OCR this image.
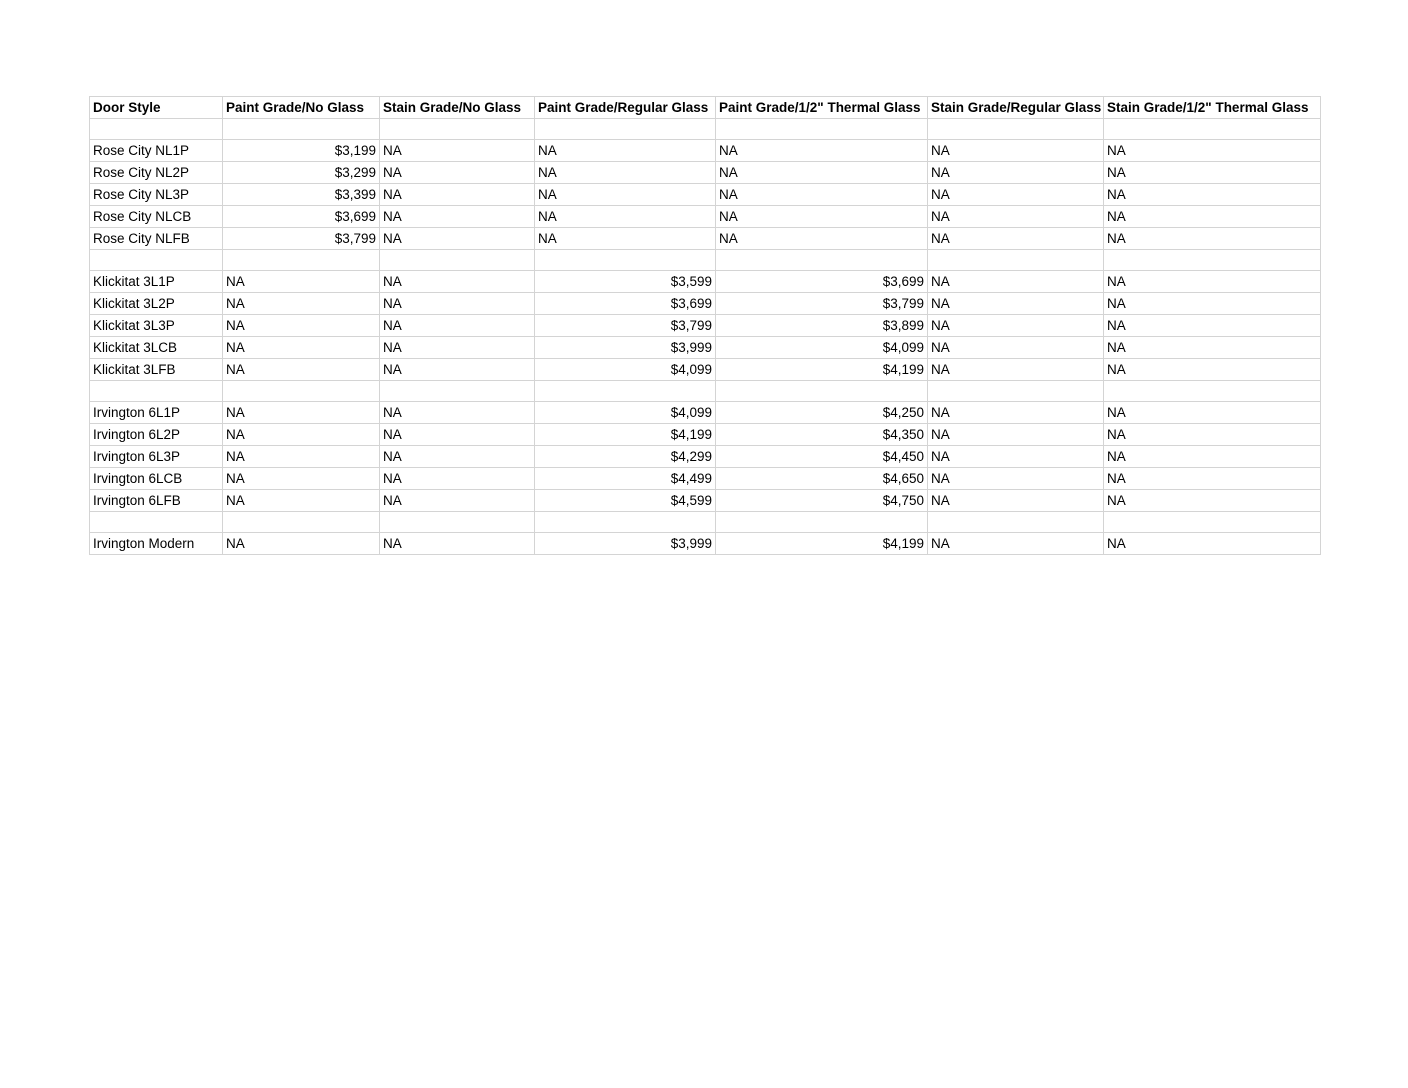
Door Style	Paint Grade/No Glass	Stain Grade/No Glass	Paint Grade/Regular Glass	Paint Grade/1/2" Thermal Glass	Stain Grade/Regular Glass	Stain Grade/1/2" Thermal Glass

Rose City NL1P	$3,199	NA	NA	NA	NA	NA
Rose City NL2P	$3,299	NA	NA	NA	NA	NA
Rose City NL3P	$3,399	NA	NA	NA	NA	NA
Rose City NLCB	$3,699	NA	NA	NA	NA	NA
Rose City NLFB	$3,799	NA	NA	NA	NA	NA

Klickitat 3L1P	NA	NA	$3,599	$3,699	NA	NA
Klickitat 3L2P	NA	NA	$3,699	$3,799	NA	NA
Klickitat 3L3P	NA	NA	$3,799	$3,899	NA	NA
Klickitat 3LCB	NA	NA	$3,999	$4,099	NA	NA
Klickitat 3LFB	NA	NA	$4,099	$4,199	NA	NA

Irvington 6L1P	NA	NA	$4,099	$4,250	NA	NA
Irvington 6L2P	NA	NA	$4,199	$4,350	NA	NA
Irvington 6L3P	NA	NA	$4,299	$4,450	NA	NA
Irvington 6LCB	NA	NA	$4,499	$4,650	NA	NA
Irvington 6LFB	NA	NA	$4,599	$4,750	NA	NA

Irvington Modern	NA	NA	$3,999	$4,199	NA	NA
